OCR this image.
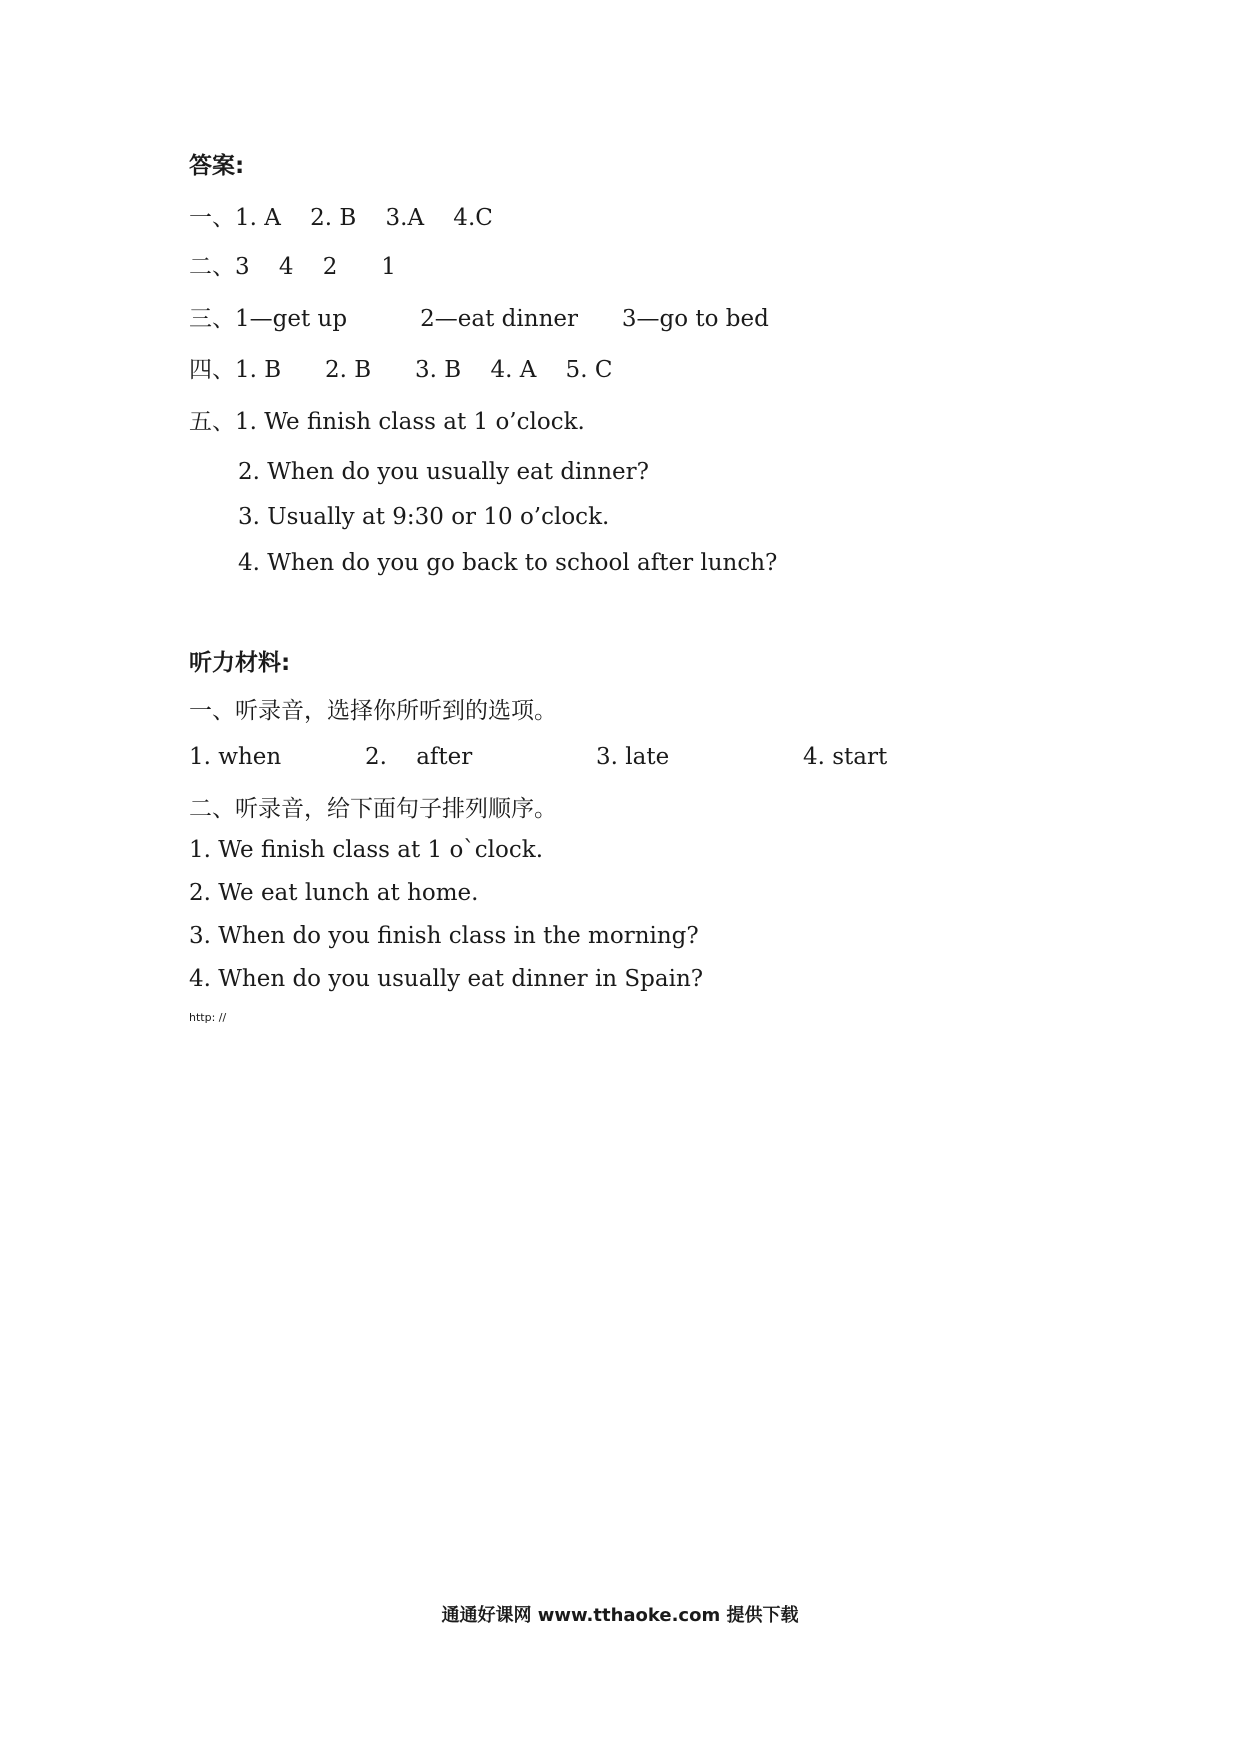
答案:
一、1. A    2. B    3.A    4.C
二、3    4    2      1
三、1—get up          2—eat dinner      3—go to bed
四、1. B      2. B      3. B    4. A    5. C
五、1. We finish class at 1 o’clock.
2. When do you usually eat dinner?
3. Usually at 9:30 or 10 o’clock.
4. When do you go back to school after lunch?
听力材料:
一、听录音，选择你所听到的选项。
1. when	2.    after	3. late	4. start
二、听录音，给下面句子排列顺序。
1. We finish class at 1 o`clock.
2. We eat lunch at home.
3. When do you finish class in the morning?
4. When do you usually eat dinner in Spain?
http: //
通通好课网 www.tthaoke.com 提供下载
